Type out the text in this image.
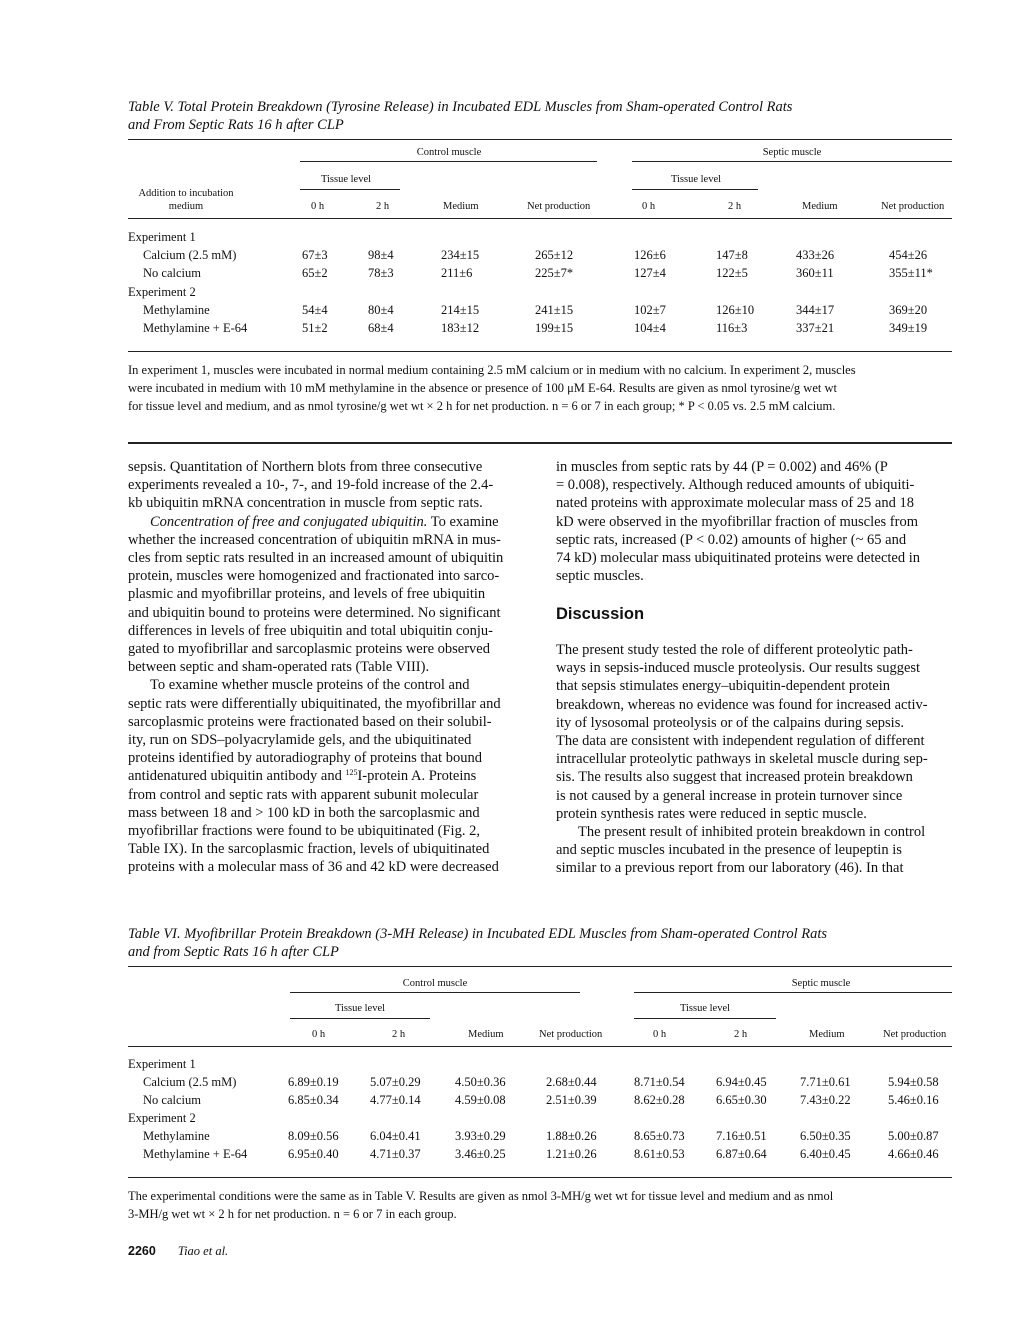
Table V. Total Protein Breakdown (Tyrosine Release) in Incubated EDL Muscles from Sham-operated Control Rats
and From Septic Rats 16 h after CLP
Control muscle	Septic muscle
Tissue level	Tissue level
Addition to incubation
medium	0 h	2 h	Medium	Net production	0 h	2 h	Medium	Net production
Experiment 1
Calcium (2.5 mM)	67±3	98±4	234±15	265±12	126±6	147±8	433±26	454±26
No calcium	65±2	78±3	211±6	225±7*	127±4	122±5	360±11	355±11*
Experiment 2
Methylamine	54±4	80±4	214±15	241±15	102±7	126±10	344±17	369±20
Methylamine + E-64	51±2	68±4	183±12	199±15	104±4	116±3	337±21	349±19
In experiment 1, muscles were incubated in normal medium containing 2.5 mM calcium or in medium with no calcium. In experiment 2, muscles
were incubated in medium with 10 mM methylamine in the absence or presence of 100 μM E-64. Results are given as nmol tyrosine/g wet wt
for tissue level and medium, and as nmol tyrosine/g wet wt × 2 h for net production. n = 6 or 7 in each group; * P < 0.05 vs. 2.5 mM calcium.
sepsis. Quantitation of Northern blots from three consecutive
experiments revealed a 10-, 7-, and 19-fold increase of the 2.4-
kb ubiquitin mRNA concentration in muscle from septic rats.
Concentration of free and conjugated ubiquitin. To examine
whether the increased concentration of ubiquitin mRNA in mus-
cles from septic rats resulted in an increased amount of ubiquitin
protein, muscles were homogenized and fractionated into sarco-
plasmic and myofibrillar proteins, and levels of free ubiquitin
and ubiquitin bound to proteins were determined. No significant
differences in levels of free ubiquitin and total ubiquitin conju-
gated to myofibrillar and sarcoplasmic proteins were observed
between septic and sham-operated rats (Table VIII).
To examine whether muscle proteins of the control and
septic rats were differentially ubiquitinated, the myofibrillar and
sarcoplasmic proteins were fractionated based on their solubil-
ity, run on SDS–polyacrylamide gels, and the ubiquitinated
proteins identified by autoradiography of proteins that bound
antidenatured ubiquitin antibody and $^{125}$I-protein A. Proteins
from control and septic rats with apparent subunit molecular
mass between 18 and > 100 kD in both the sarcoplasmic and
myofibrillar fractions were found to be ubiquitinated (Fig. 2,
Table IX). In the sarcoplasmic fraction, levels of ubiquitinated
proteins with a molecular mass of 36 and 42 kD were decreased
in muscles from septic rats by 44 (P = 0.002) and 46% (P
= 0.008), respectively. Although reduced amounts of ubiquiti-
nated proteins with approximate molecular mass of 25 and 18
kD were observed in the myofibrillar fraction of muscles from
septic rats, increased (P < 0.02) amounts of higher (~ 65 and
74 kD) molecular mass ubiquitinated proteins were detected in
septic muscles.
Discussion
The present study tested the role of different proteolytic path-
ways in sepsis-induced muscle proteolysis. Our results suggest
that sepsis stimulates energy–ubiquitin-dependent protein
breakdown, whereas no evidence was found for increased activ-
ity of lysosomal proteolysis or of the calpains during sepsis.
The data are consistent with independent regulation of different
intracellular proteolytic pathways in skeletal muscle during sep-
sis. The results also suggest that increased protein breakdown
is not caused by a general increase in protein turnover since
protein synthesis rates were reduced in septic muscle.
The present result of inhibited protein breakdown in control
and septic muscles incubated in the presence of leupeptin is
similar to a previous report from our laboratory (46). In that
Table VI. Myofibrillar Protein Breakdown (3-MH Release) in Incubated EDL Muscles from Sham-operated Control Rats
and from Septic Rats 16 h after CLP
Control muscle	Septic muscle
Tissue level	Tissue level
0 h	2 h	Medium	Net production	0 h	2 h	Medium	Net production
Experiment 1
Calcium (2.5 mM)	6.89±0.19	5.07±0.29	4.50±0.36	2.68±0.44	8.71±0.54	6.94±0.45	7.71±0.61	5.94±0.58
No calcium	6.85±0.34	4.77±0.14	4.59±0.08	2.51±0.39	8.62±0.28	6.65±0.30	7.43±0.22	5.46±0.16
Experiment 2
Methylamine	8.09±0.56	6.04±0.41	3.93±0.29	1.88±0.26	8.65±0.73	7.16±0.51	6.50±0.35	5.00±0.87
Methylamine + E-64	6.95±0.40	4.71±0.37	3.46±0.25	1.21±0.26	8.61±0.53	6.87±0.64	6.40±0.45	4.66±0.46
The experimental conditions were the same as in Table V. Results are given as nmol 3-MH/g wet wt for tissue level and medium and as nmol
3-MH/g wet wt × 2 h for net production. n = 6 or 7 in each group.
2260 Tiao et al.
